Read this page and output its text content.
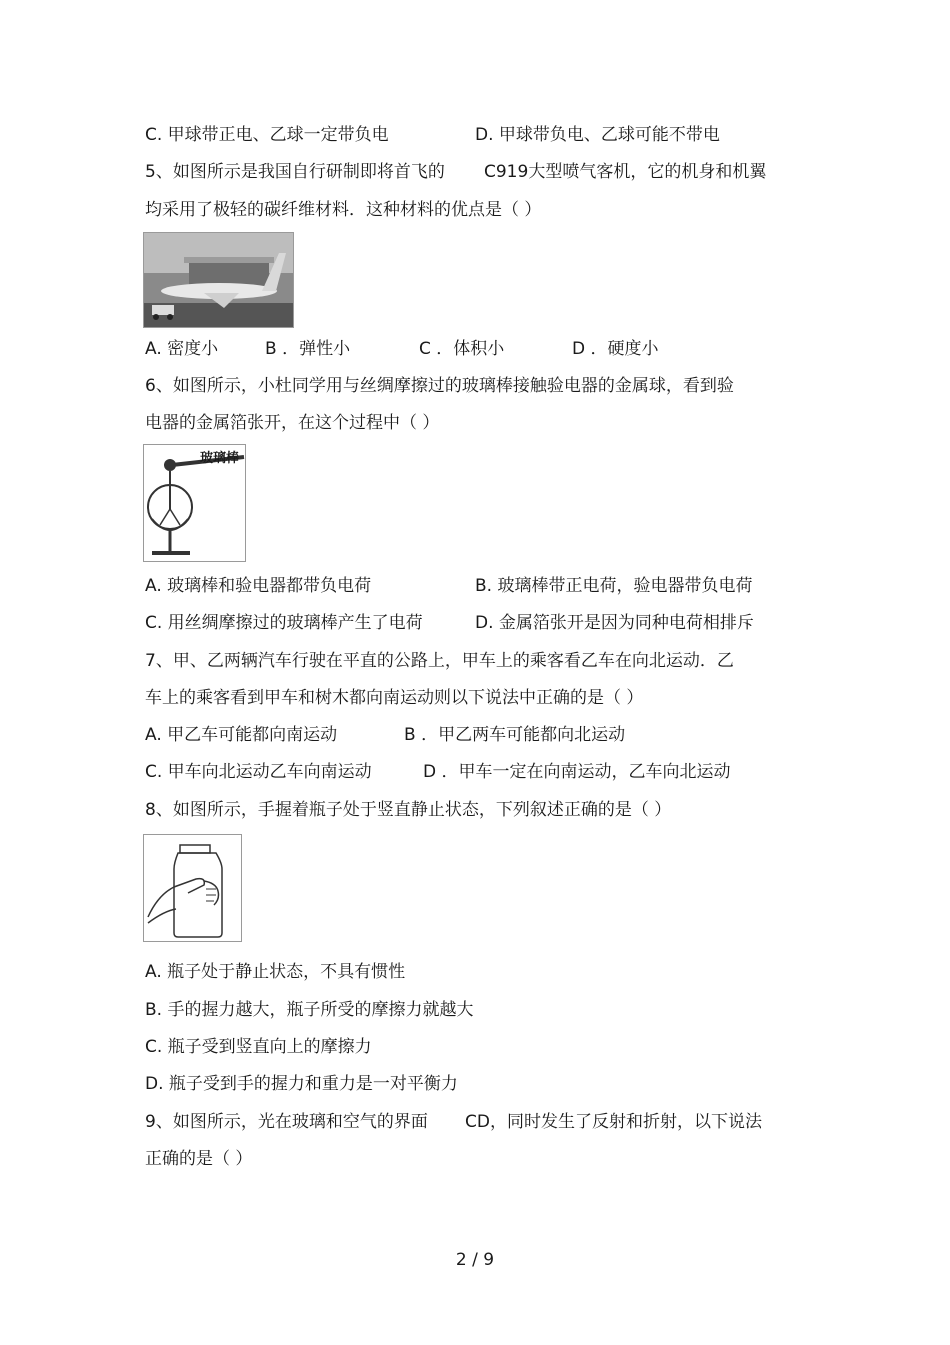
C. 甲球带正电、乙球一定带负电	D. 甲球带负电、乙球可能不带电
5、如图所示是我国自行研制即将首飞的 C919大型喷气客机，它的机身和机翼
均采用了极轻的碳纤维材料．这种材料的优点是（ ）
A. 密度小	B ．弹性小	C ．体积小	D ．硬度小
6、如图所示，小杜同学用与丝绸摩擦过的玻璃棒接触验电器的金属球，看到验
电器的金属箔张开，在这个过程中（ ）
玻璃棒
A. 玻璃棒和验电器都带负电荷	B. 玻璃棒带正电荷，验电器带负电荷
C. 用丝绸摩擦过的玻璃棒产生了电荷	D. 金属箔张开是因为同种电荷相排斥
7、甲、乙两辆汽车行驶在平直的公路上，甲车上的乘客看乙车在向北运动．乙
车上的乘客看到甲车和树木都向南运动则以下说法中正确的是（ ）
A. 甲乙车可能都向南运动	B ．甲乙两车可能都向北运动
C. 甲车向北运动乙车向南运动	D ．甲车一定在向南运动，乙车向北运动
8、如图所示，手握着瓶子处于竖直静止状态，下列叙述正确的是（ ）
A. 瓶子处于静止状态，不具有惯性
B. 手的握力越大，瓶子所受的摩擦力就越大
C. 瓶子受到竖直向上的摩擦力
D. 瓶子受到手的握力和重力是一对平衡力
9、如图所示，光在玻璃和空气的界面 CD，同时发生了反射和折射，以下说法
正确的是（ ）
2 / 9
